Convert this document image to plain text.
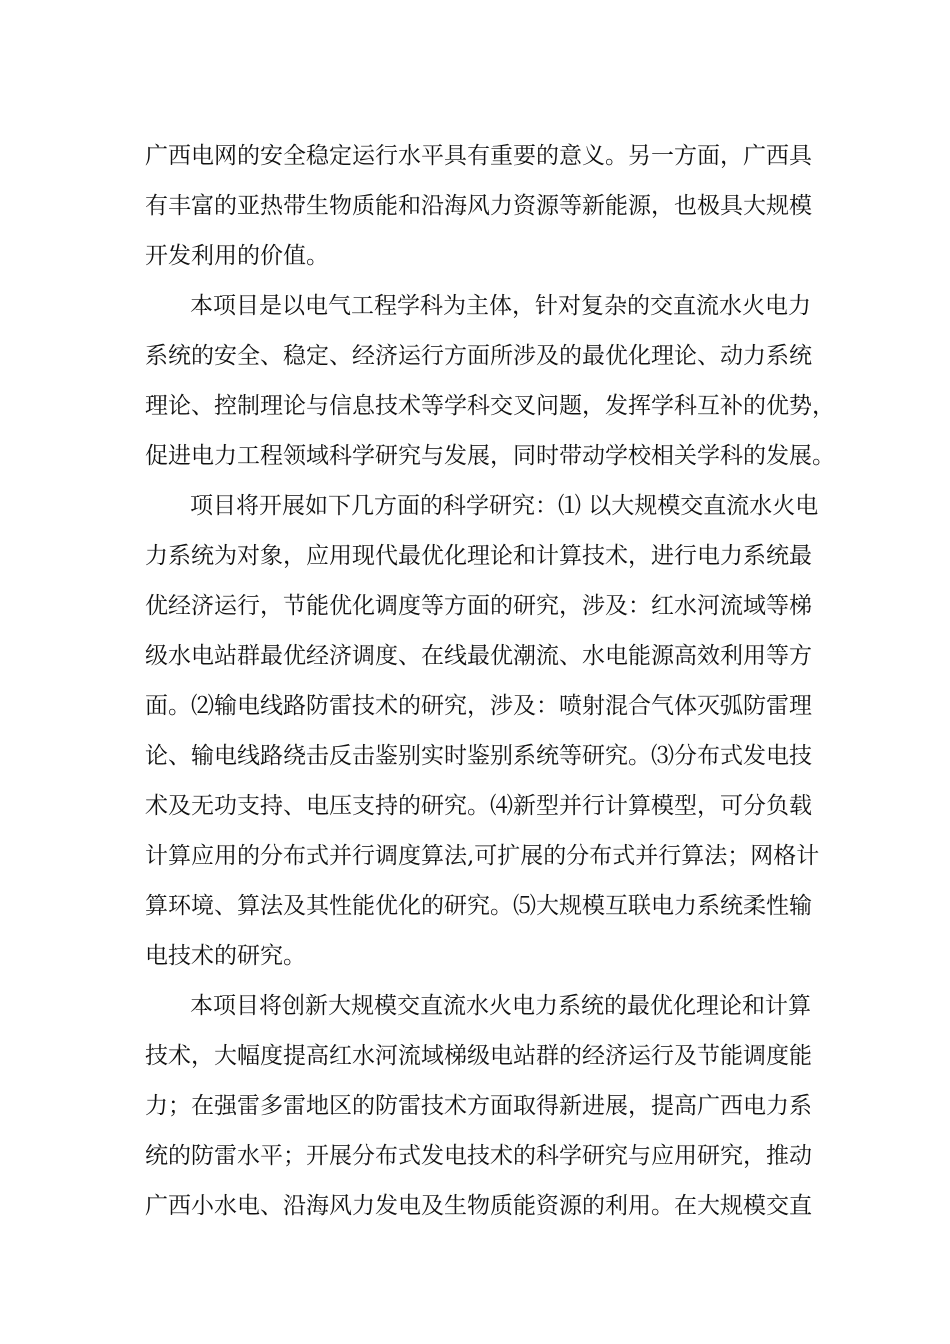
广西电网的安全稳定运行水平具有重要的意义。另一方面，广西具
有丰富的亚热带生物质能和沿海风力资源等新能源，也极具大规模
开发利用的价值。
本项目是以电气工程学科为主体，针对复杂的交直流水火电力
系统的安全、稳定、经济运行方面所涉及的最优化理论、动力系统
理论、控制理论与信息技术等学科交叉问题，发挥学科互补的优势，
促进电力工程领域科学研究与发展，同时带动学校相关学科的发展。
项目将开展如下几方面的科学研究：⑴ 以大规模交直流水火电
力系统为对象，应用现代最优化理论和计算技术，进行电力系统最
优经济运行，节能优化调度等方面的研究，涉及：红水河流域等梯
级水电站群最优经济调度、在线最优潮流、水电能源高效利用等方
面。⑵输电线路防雷技术的研究，涉及：喷射混合气体灭弧防雷理
论、输电线路绕击反击鉴别实时鉴别系统等研究。⑶分布式发电技
术及无功支持、电压支持的研究。⑷新型并行计算模型，可分负载
计算应用的分布式并行调度算法,可扩展的分布式并行算法；网格计
算环境、算法及其性能优化的研究。⑸大规模互联电力系统柔性输
电技术的研究。
本项目将创新大规模交直流水火电力系统的最优化理论和计算
技术，大幅度提高红水河流域梯级电站群的经济运行及节能调度能
力；在强雷多雷地区的防雷技术方面取得新进展，提高广西电力系
统的防雷水平；开展分布式发电技术的科学研究与应用研究，推动
广西小水电、沿海风力发电及生物质能资源的利用。在大规模交直
